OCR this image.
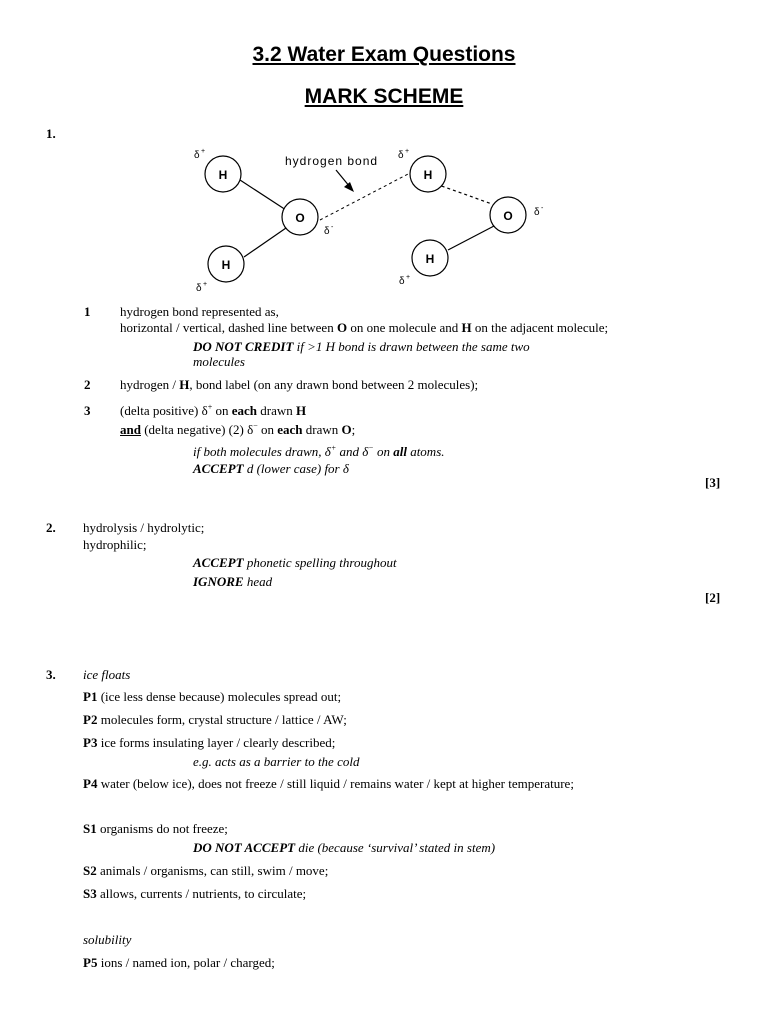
3.2 Water Exam Questions
MARK SCHEME
1.
H
O
H
H
O
H
hydrogen bond
δ +
δ -
δ +
δ +
δ -
δ +
1 hydrogen bond represented as,
horizontal / vertical, dashed line between O on one molecule and H on the adjacent molecule;
DO NOT CREDIT if >1 H bond is drawn between the same two
molecules
2 hydrogen / H, bond label (on any drawn bond between 2 molecules);
3 (delta positive) δ+ on each drawn H
and (delta negative) (2) δ− on each drawn O;
if both molecules drawn, δ+ and δ− on all atoms.
ACCEPT d (lower case) for δ
[3]
2. hydrolysis / hydrolytic;
hydrophilic;
ACCEPT phonetic spelling throughout
IGNORE head
[2]
3. ice floats
P1 (ice less dense because) molecules spread out;
P2 molecules form, crystal structure / lattice / AW;
P3 ice forms insulating layer / clearly described;
e.g. acts as a barrier to the cold
P4 water (below ice), does not freeze / still liquid / remains water / kept at higher temperature;
S1 organisms do not freeze;
DO NOT ACCEPT die (because ‘survival’ stated in stem)
S2 animals / organisms, can still, swim / move;
S3 allows, currents / nutrients, to circulate;
solubility
P5 ions / named ion, polar / charged;
